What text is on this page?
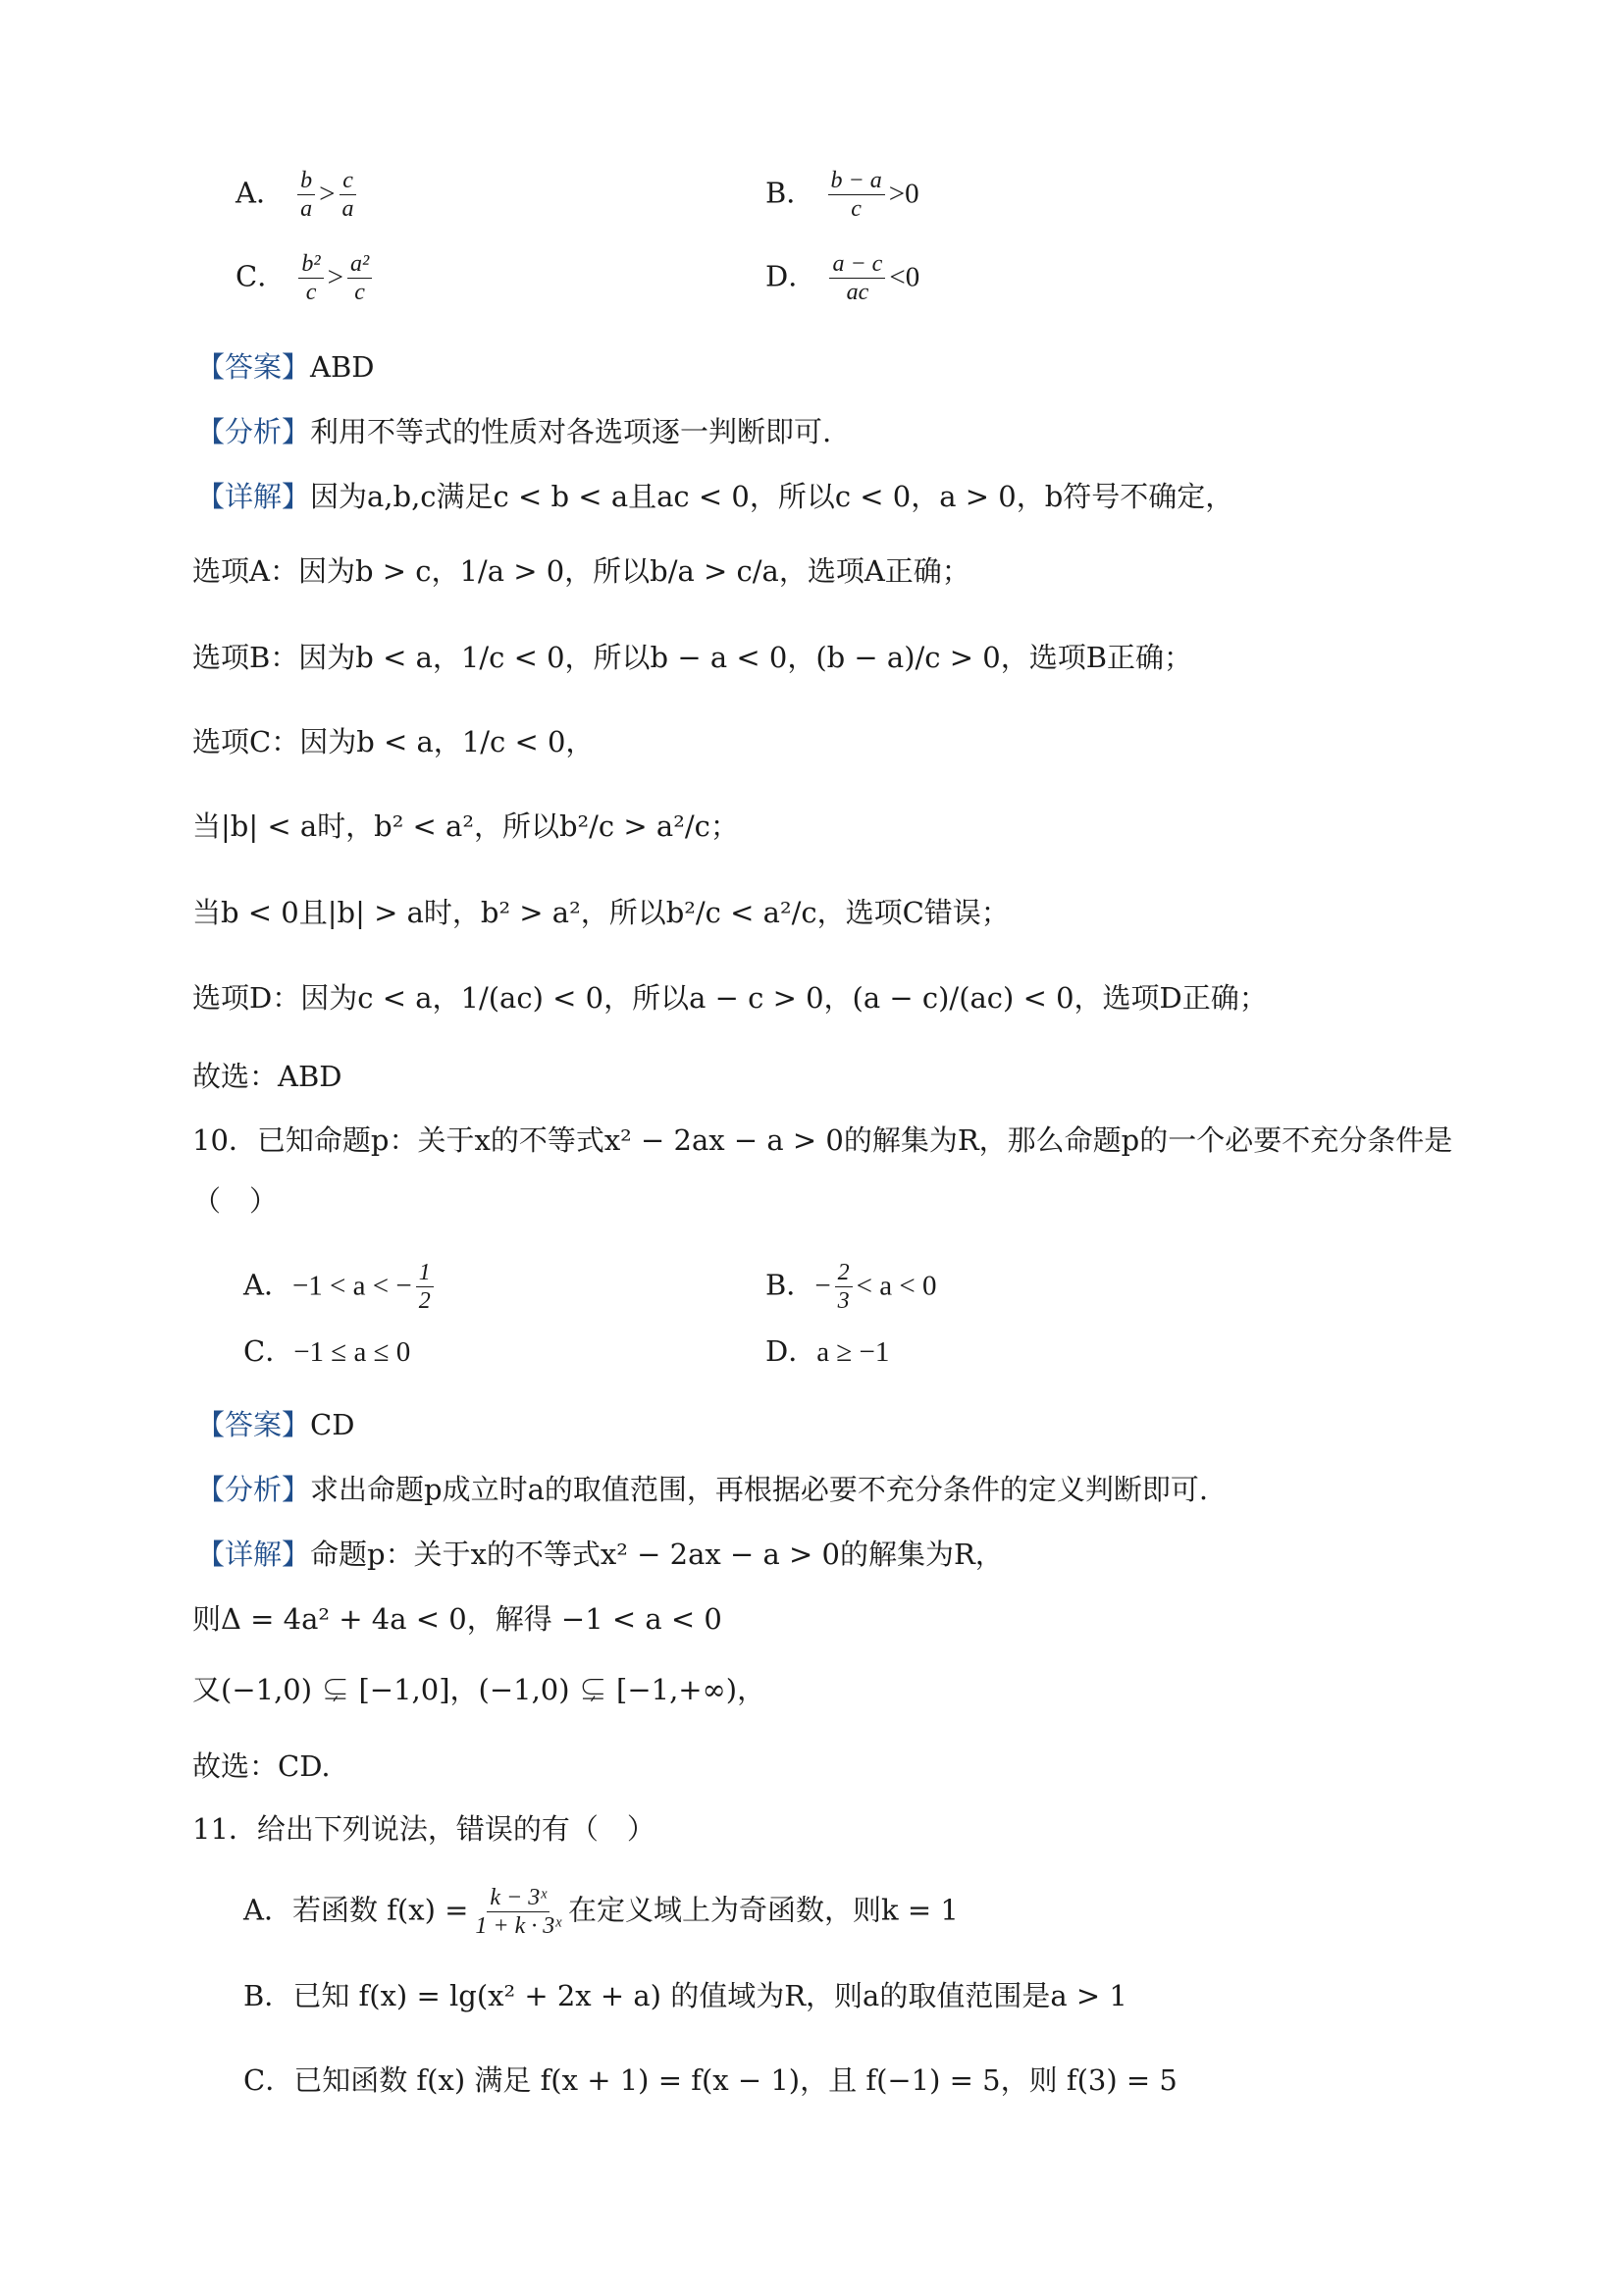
A． $\frac{b}{a} > \frac{c}{a}$	B． $\frac{b - a}{c} >0$
C． $\frac{\text{b²}}{c} > \frac{\text{a²}}{c}$	D． $\frac{a - c}{ac} <0$
【答案】ABD
【分析】利用不等式的性质对各选项逐一判断即可.
【详解】因为a,b,c满足c < b < a且ac < 0，所以c < 0，a > 0，b符号不确定，
选项A：因为b > c，1/a > 0，所以b/a > c/a，选项A正确；
选项B：因为b < a，1/c < 0，所以b − a < 0，(b − a)/c > 0，选项B正确；
选项C：因为b < a，1/c < 0，
当|b| < a时，b² < a²，所以b²/c > a²/c；
当b < 0且|b| > a时，b² > a²，所以b²/c < a²/c，选项C错误；
选项D：因为c < a，1/(ac) < 0，所以a − c > 0，(a − c)/(ac) < 0，选项D正确；
故选：ABD
10．已知命题p：关于x的不等式x² − 2ax − a > 0的解集为R，那么命题p的一个必要不充分条件是
（　）
A．−1 < a < − $\frac{1}{2}$	B．− $\frac{2}{3} < a < 0$
C．−1 ≤ a ≤ 0	D．a ≥ −1
【答案】CD
【分析】求出命题p成立时a的取值范围，再根据必要不充分条件的定义判断即可.
【详解】命题p：关于x的不等式x² − 2ax − a > 0的解集为R，
则Δ = 4a² + 4a < 0，解得 −1 < a < 0
又(−1,0) ⊊ [−1,0]，(−1,0) ⊊ [−1,+∞)，
故选：CD.
11．给出下列说法，错误的有（　）
A．若函数 $f(x) = \frac{\text{k − 3ˣ}}{\text{1 + k · 3ˣ}}$ 在定义域上为奇函数，则k = 1
B．已知 f(x) = lg(x² + 2x + a) 的值域为R，则a的取值范围是a > 1
C．已知函数 f(x) 满足 f(x + 1) = f(x − 1)，且 f(−1) = 5，则 f(3) = 5
